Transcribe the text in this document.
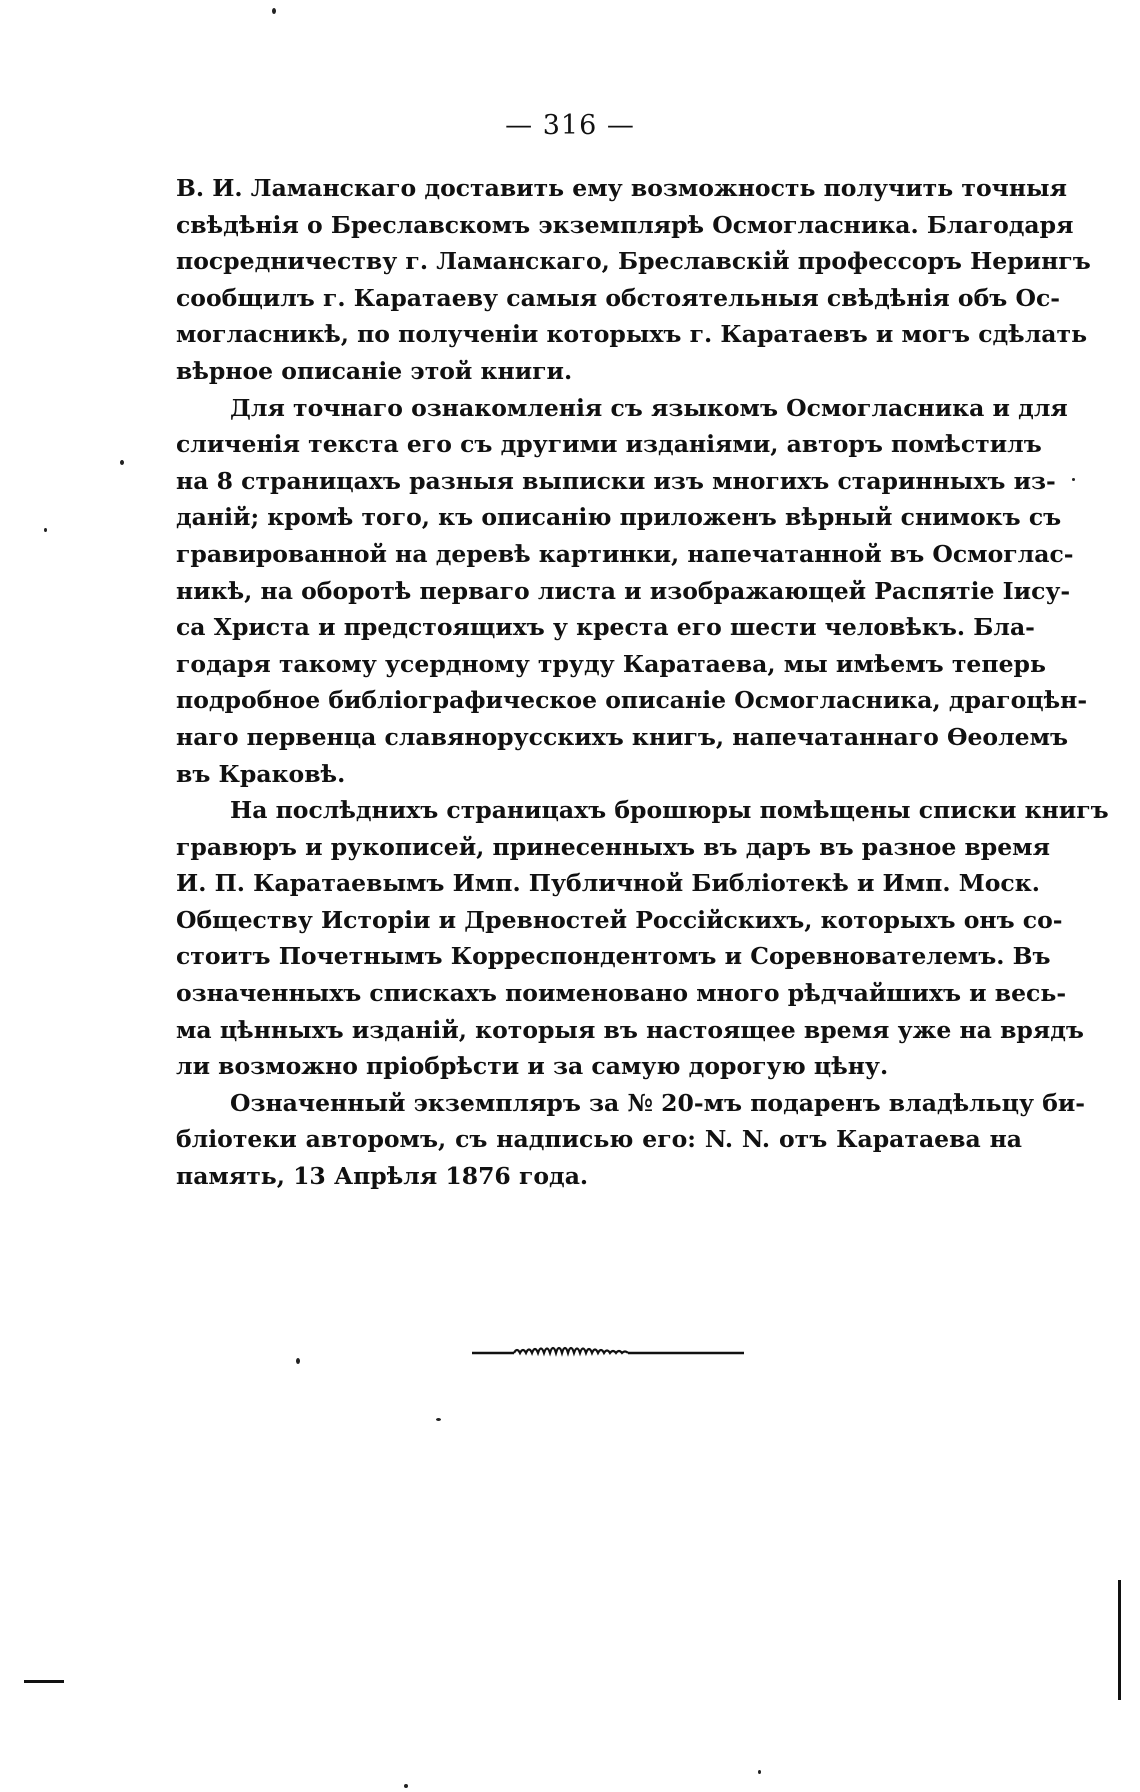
— 316 —

В. И. Ламанскаго доставить ему возможность получить точныя
свѣдѣнія о Бреславскомъ экземплярѣ Осмогласника. Благодаря
посредничеству г. Ламанскаго, Бреславскій профессоръ Нерингъ
сообщилъ г. Каратаеву самыя обстоятельныя свѣдѣнія объ Ос-
могласникѣ, по полученіи которыхъ г. Каратаевъ и могъ сдѣлать
вѣрное описаніе этой книги.

Для точнаго ознакомленія съ языкомъ Осмогласника и для
сличенія текста его съ другими изданіями, авторъ помѣстилъ
на 8 страницахъ разныя выписки изъ многихъ старинныхъ из-
даній; кромѣ того, къ описанію приложенъ вѣрный снимокъ съ
гравированной на деревѣ картинки, напечатанной въ Осмоглас-
никѣ, на оборотѣ перваго листа и изображающей Распятіе Іису-
са Христа и предстоящихъ у креста его шести человѣкъ. Бла-
годаря такому усердному труду Каратаева, мы имѣемъ теперь
подробное библіографическое описаніе Осмогласника, драгоцѣн-
наго первенца славянорусскихъ книгъ, напечатаннаго Ѳеолемъ
въ Краковѣ.

На послѣднихъ страницахъ брошюры помѣщены списки книгъ
гравюръ и рукописей, принесенныхъ въ даръ въ разное время
И. П. Каратаевымъ Имп. Публичной Библіотекѣ и Имп. Моск.
Обществу Исторіи и Древностей Россійскихъ, которыхъ онъ со-
стоитъ Почетнымъ Корреспондентомъ и Соревнователемъ. Въ
означенныхъ спискахъ поименовано много рѣдчайшихъ и весь-
ма цѣнныхъ изданій, которыя въ настоящее время уже на врядъ
ли возможно пріобрѣсти и за самую дорогую цѣну.

Означенный экземпляръ за № 20-мъ подаренъ владѣльцу би-
бліотеки авторомъ, съ надписью его: N. N. отъ Каратаева на
память, 13 Апрѣля 1876 года.
